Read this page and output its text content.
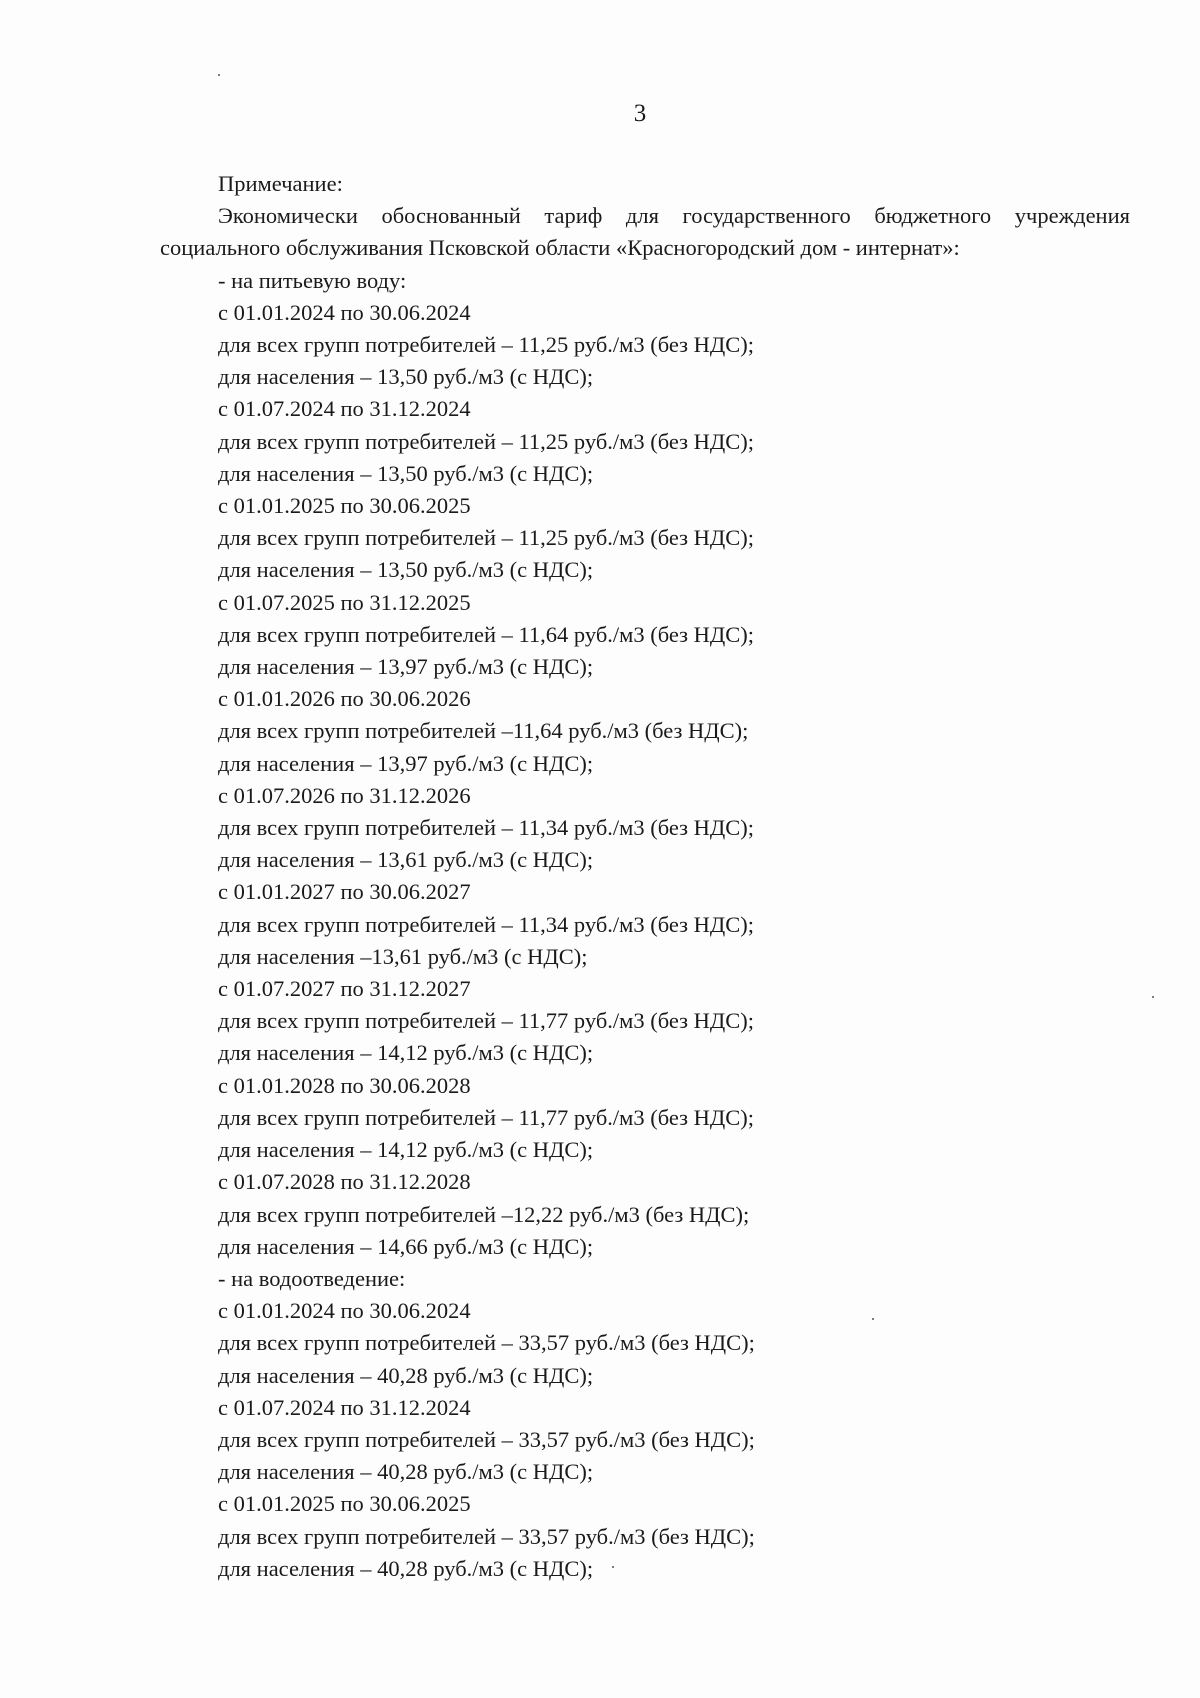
3
Примечание:
Экономически обоснованный тариф для государственного бюджетного учреждения
социального обслуживания Псковской области «Красногородский дом - интернат»:
- на питьевую воду:
с 01.01.2024 по 30.06.2024
для всех групп потребителей – 11,25 руб./м3 (без НДС);
для населения – 13,50 руб./м3 (с НДС);
с 01.07.2024 по 31.12.2024
для всех групп потребителей – 11,25 руб./м3 (без НДС);
для населения – 13,50 руб./м3 (с НДС);
с 01.01.2025 по 30.06.2025
для всех групп потребителей – 11,25 руб./м3 (без НДС);
для населения – 13,50 руб./м3 (с НДС);
с 01.07.2025 по 31.12.2025
для всех групп потребителей – 11,64 руб./м3 (без НДС);
для населения – 13,97 руб./м3 (с НДС);
с 01.01.2026 по 30.06.2026
для всех групп потребителей –11,64 руб./м3 (без НДС);
для населения – 13,97 руб./м3 (с НДС);
с 01.07.2026 по 31.12.2026
для всех групп потребителей – 11,34 руб./м3 (без НДС);
для населения – 13,61 руб./м3 (с НДС);
с 01.01.2027 по 30.06.2027
для всех групп потребителей – 11,34 руб./м3 (без НДС);
для населения –13,61 руб./м3 (с НДС);
с 01.07.2027 по 31.12.2027
для всех групп потребителей – 11,77 руб./м3 (без НДС);
для населения – 14,12 руб./м3 (с НДС);
с 01.01.2028 по 30.06.2028
для всех групп потребителей – 11,77 руб./м3 (без НДС);
для населения – 14,12 руб./м3 (с НДС);
с 01.07.2028 по 31.12.2028
для всех групп потребителей –12,22 руб./м3 (без НДС);
для населения – 14,66 руб./м3 (с НДС);
- на водоотведение:
с 01.01.2024 по 30.06.2024
для всех групп потребителей – 33,57 руб./м3 (без НДС);
для населения – 40,28 руб./м3 (с НДС);
с 01.07.2024 по 31.12.2024
для всех групп потребителей – 33,57 руб./м3 (без НДС);
для населения – 40,28 руб./м3 (с НДС);
с 01.01.2025 по 30.06.2025
для всех групп потребителей – 33,57 руб./м3 (без НДС);
для населения – 40,28 руб./м3 (с НДС);
